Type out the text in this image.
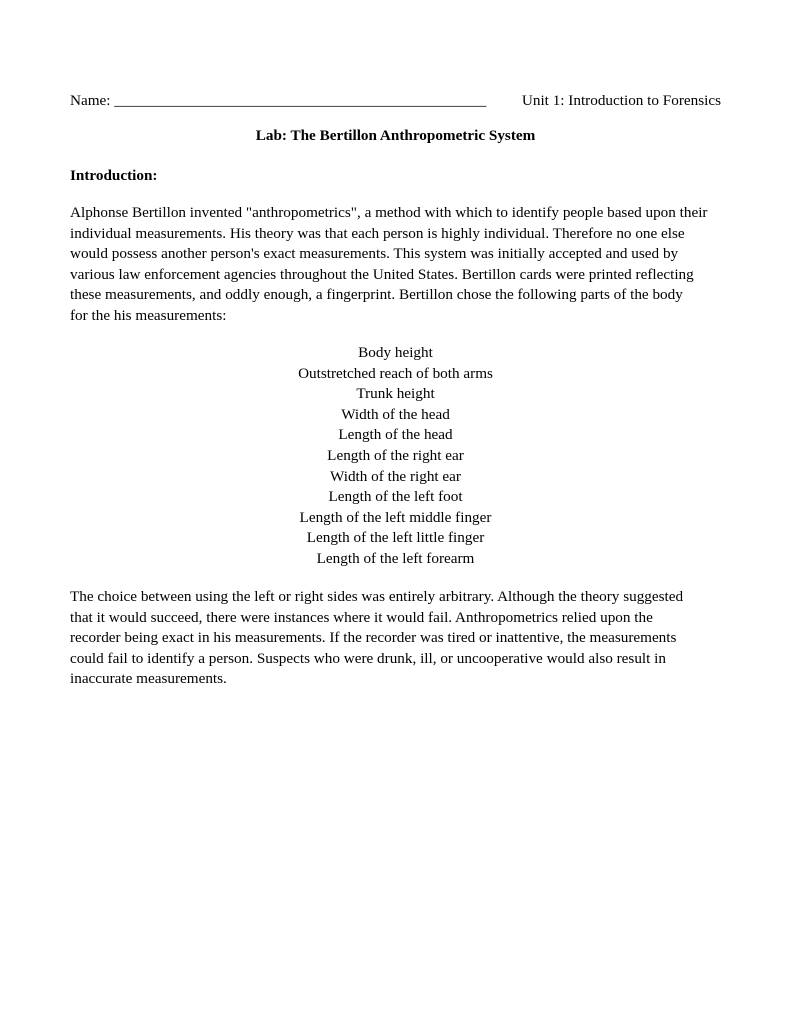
Name: _________________________________________________ Unit 1: Introduction to Forensics
Lab: The Bertillon Anthropometric System
Introduction:

Alphonse Bertillon invented "anthropometrics", a method with which to identify people based upon their
individual measurements. His theory was that each person is highly individual. Therefore no one else
would possess another person's exact measurements. This system was initially accepted and used by
various law enforcement agencies throughout the United States. Bertillon cards were printed reflecting
these measurements, and oddly enough, a fingerprint. Bertillon chose the following parts of the body
for the his measurements:

Body height
Outstretched reach of both arms
Trunk height
Width of the head
Length of the head
Length of the right ear
Width of the right ear
Length of the left foot
Length of the left middle finger
Length of the left little finger
Length of the left forearm

The choice between using the left or right sides was entirely arbitrary. Although the theory suggested
that it would succeed, there were instances where it would fail. Anthropometrics relied upon the
recorder being exact in his measurements. If the recorder was tired or inattentive, the measurements
could fail to identify a person. Suspects who were drunk, ill, or uncooperative would also result in
inaccurate measurements.
